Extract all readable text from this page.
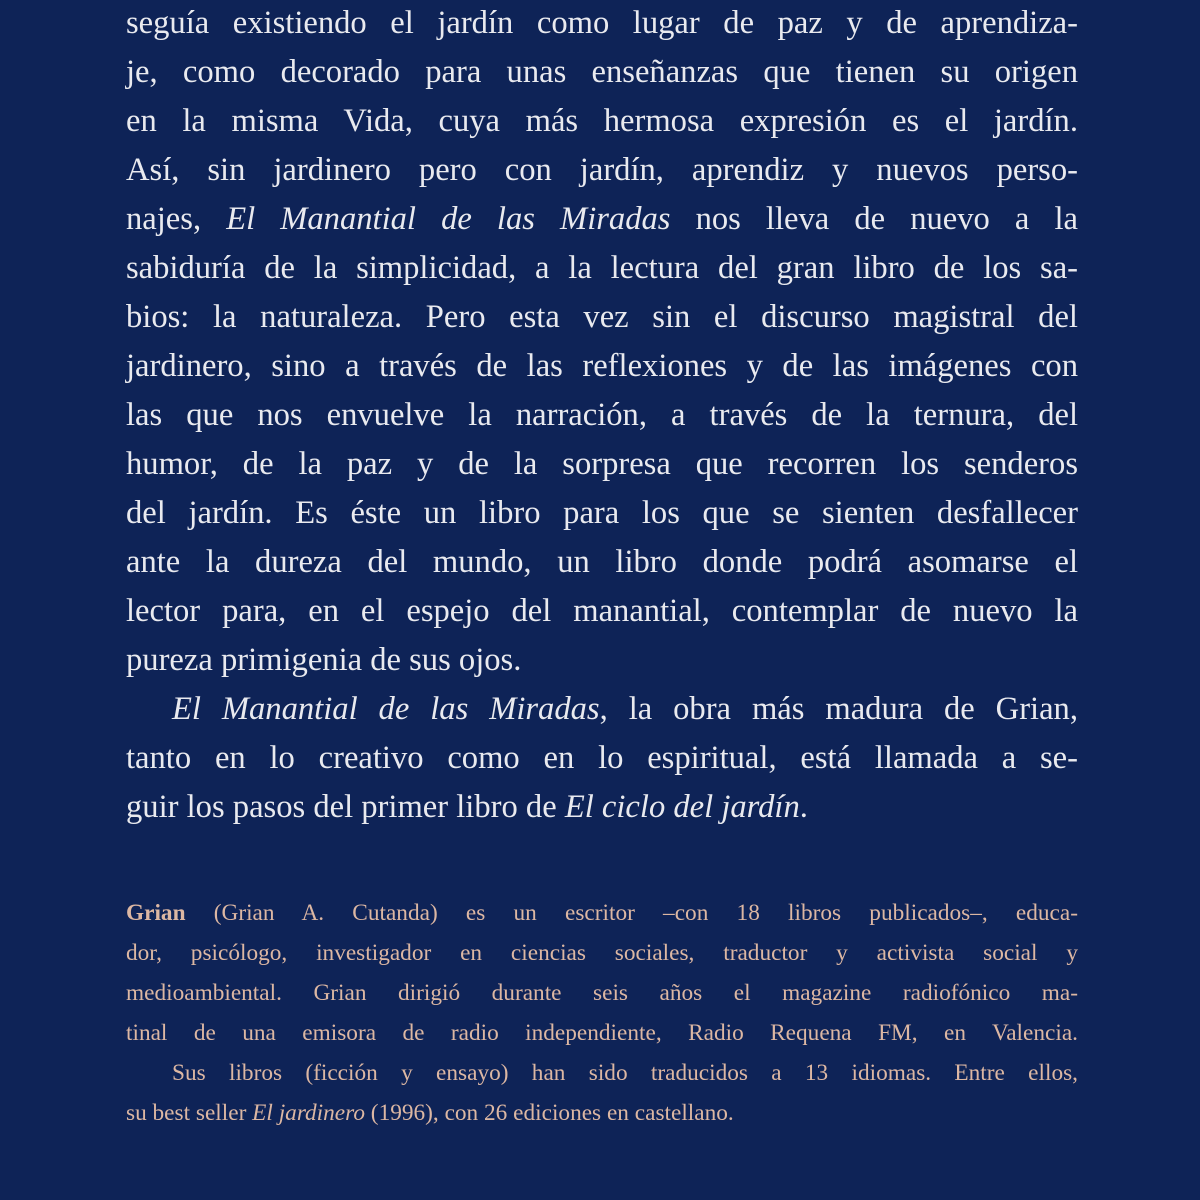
seguía existiendo el jardín como lugar de paz y de aprendiza-
je, como decorado para unas enseñanzas que tienen su origen
en la misma Vida, cuya más hermosa expresión es el jardín.
Así, sin jardinero pero con jardín, aprendiz y nuevos perso-
najes, El Manantial de las Miradas nos lleva de nuevo a la
sabiduría de la simplicidad, a la lectura del gran libro de los sa-
bios: la naturaleza. Pero esta vez sin el discurso magistral del
jardinero, sino a través de las reflexiones y de las imágenes con
las que nos envuelve la narración, a través de la ternura, del
humor, de la paz y de la sorpresa que recorren los senderos
del jardín. Es éste un libro para los que se sienten desfallecer
ante la dureza del mundo, un libro donde podrá asomarse el
lector para, en el espejo del manantial, contemplar de nuevo la
pureza primigenia de sus ojos.
El Manantial de las Miradas, la obra más madura de Grian,
tanto en lo creativo como en lo espiritual, está llamada a se-
guir los pasos del primer libro de El ciclo del jardín.
Grian (Grian A. Cutanda) es un escritor –con 18 libros publicados–, educa-
dor, psicólogo, investigador en ciencias sociales, traductor y activista social y
medioambiental. Grian dirigió durante seis años el magazine radiofónico ma-
tinal de una emisora de radio independiente, Radio Requena FM, en Valencia.
Sus libros (ficción y ensayo) han sido traducidos a 13 idiomas. Entre ellos,
su best seller El jardinero (1996), con 26 ediciones en castellano.
